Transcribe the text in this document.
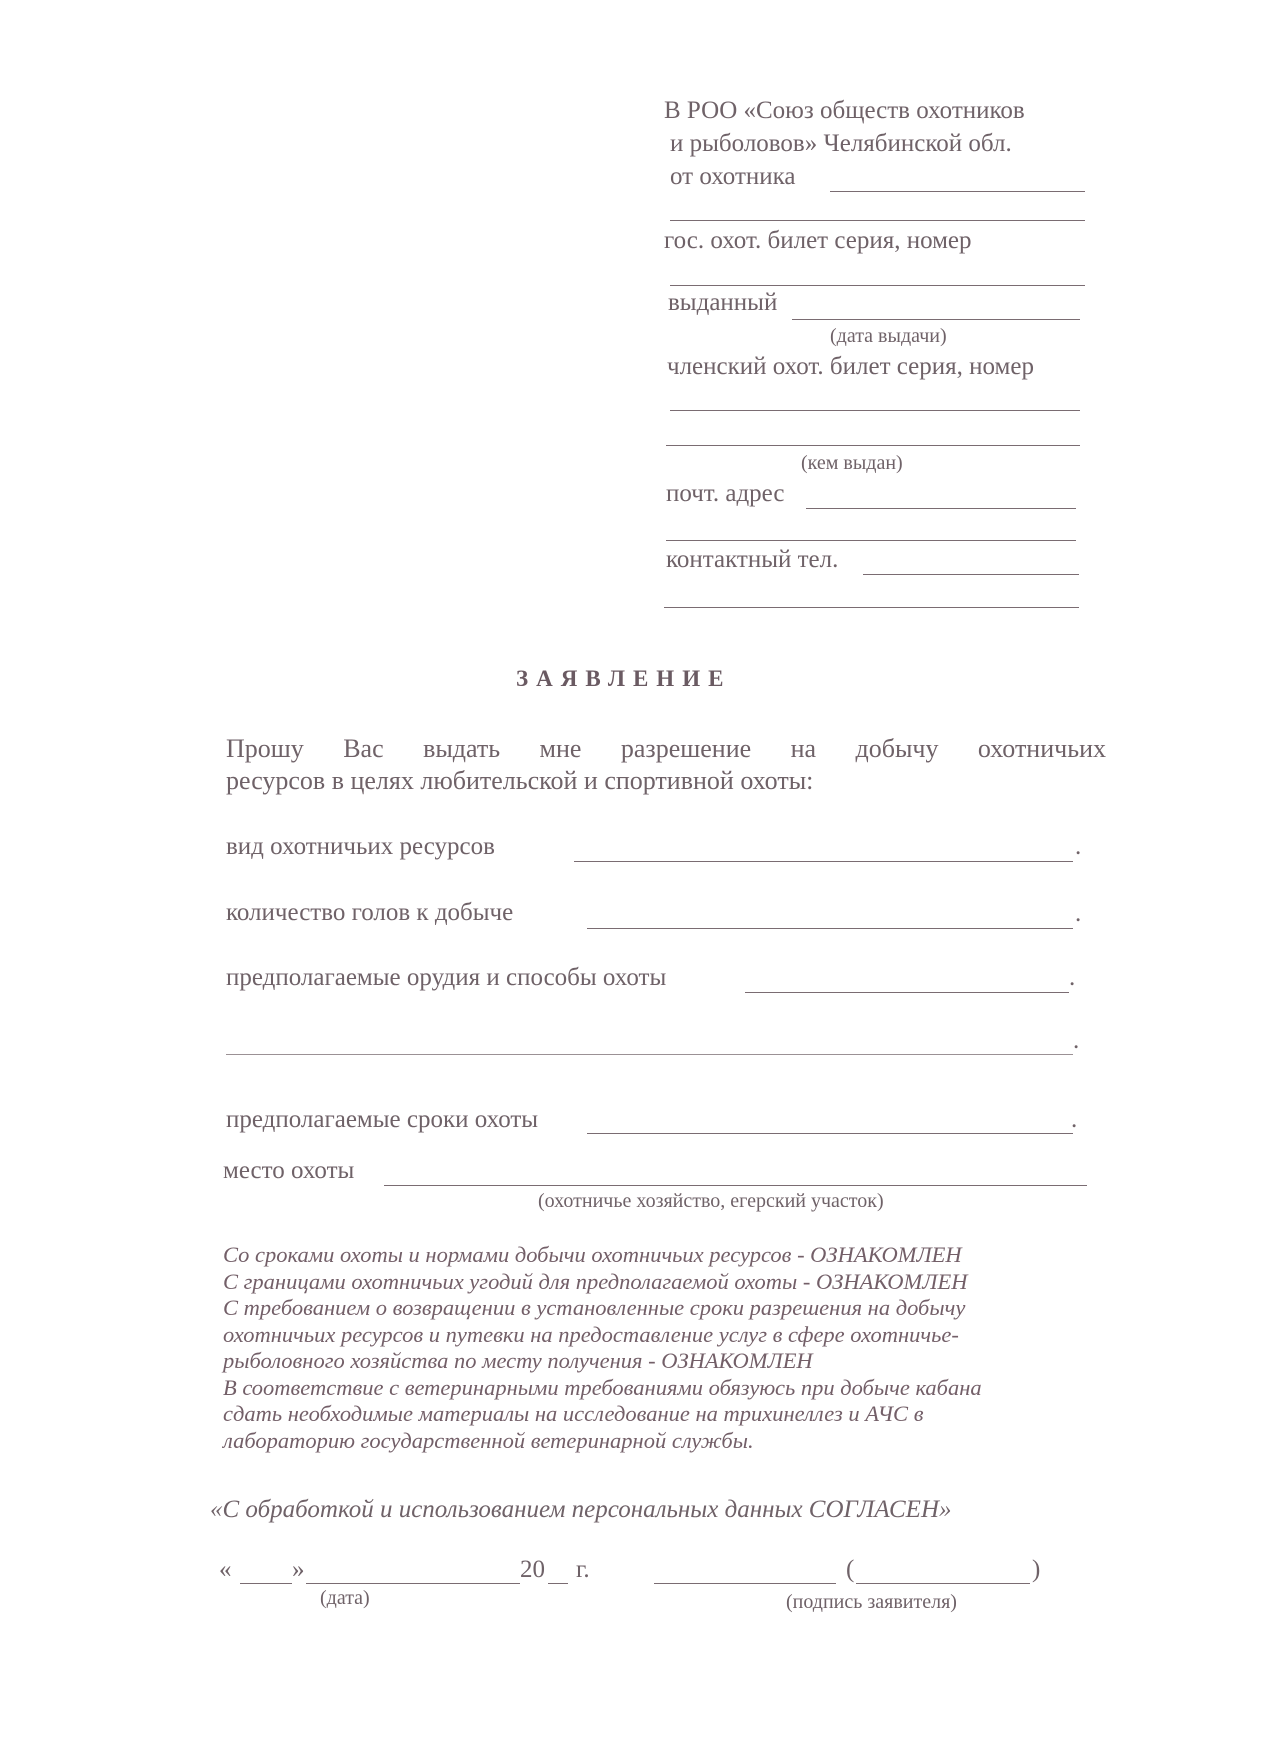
В РОО «Союз обществ охотников
и рыболовов» Челябинской обл.
от охотника
гос. охот. билет серия, номер
выданный
(дата выдачи)
членский охот. билет серия, номер
(кем выдан)
почт. адрес
контактный тел.
ЗАЯВЛЕНИЕ
Прошу Вас выдать мне разрешение на добычу охотничьих
ресурсов в целях любительской и спортивной охоты:
вид охотничьих ресурсов	.
количество голов к добыче	.
предполагаемые орудия и способы охоты	.
.
предполагаемые сроки охоты	.
место охоты
(охотничье хозяйство, егерский участок)
Со сроками охоты и нормами добычи охотничьих ресурсов - ОЗНАКОМЛЕН
С границами охотничьих угодий для предполагаемой охоты - ОЗНАКОМЛЕН
С требованием о возвращении в установленные сроки разрешения на добычу
охотничьих ресурсов и путевки на предоставление услуг в сфере охотничье-
рыболовного хозяйства по месту получения - ОЗНАКОМЛЕН
В соответствие с ветеринарными требованиями обязуюсь при добыче кабана
сдать необходимые материалы на исследование на трихинеллез и АЧС в
лабораторию государственной ветеринарной службы.
«С обработкой и использованием персональных данных СОГЛАСЕН»
« »	20 г.
(дата)
(	)
(подпись заявителя)
